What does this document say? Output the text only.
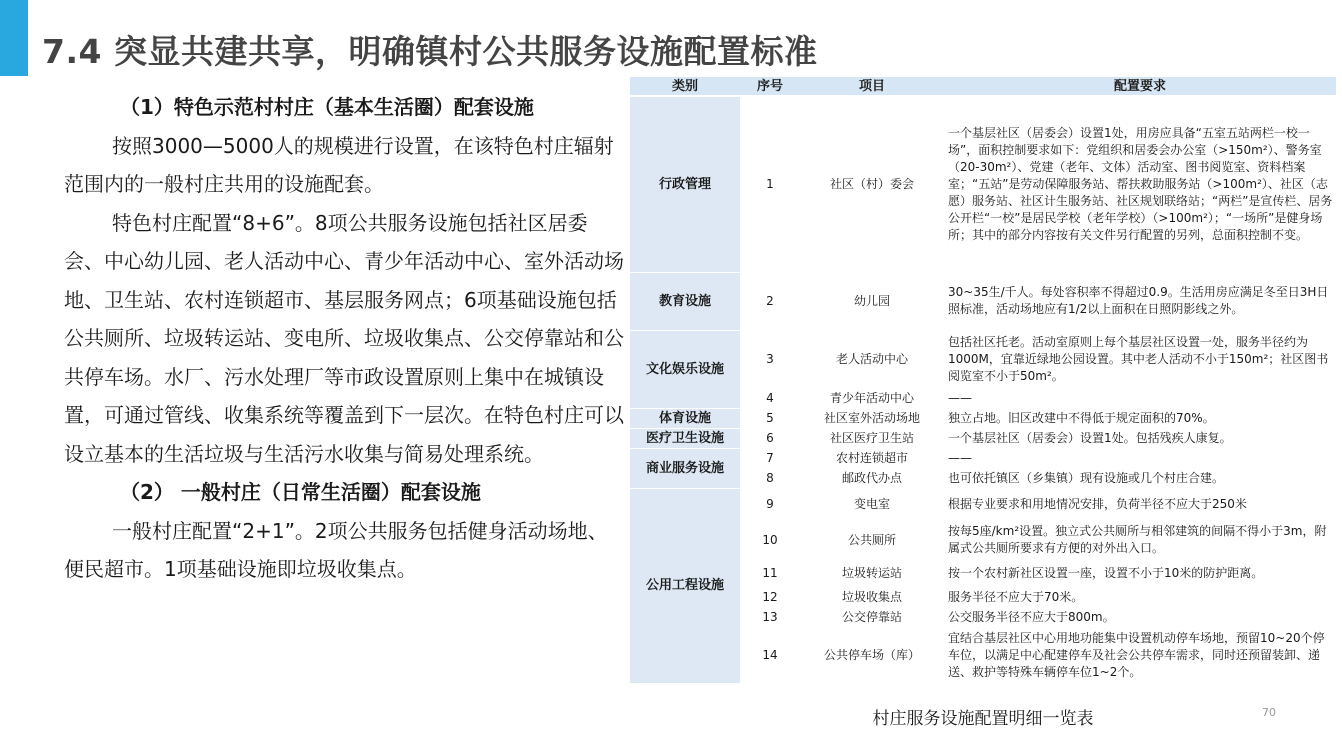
7.4 突显共建共享，明确镇村公共服务设施配置标准

（1）特色示范村村庄（基本生活圈）配套设施

按照3000—5000人的规模进行设置，在该特色村庄辐射范围内的一般村庄共用的设施配套。

特色村庄配置“8+6”。8项公共服务设施包括社区居委会、中心幼儿园、老人活动中心、青少年活动中心、室外活动场地、卫生站、农村连锁超市、基层服务网点；6项基础设施包括公共厕所、垃圾转运站、变电所、垃圾收集点、公交停靠站和公共停车场。水厂、污水处理厂等市政设置原则上集中在城镇设置，可通过管线、收集系统等覆盖到下一层次。在特色村庄可以设立基本的生活垃圾与生活污水收集与简易处理系统。

（2） 一般村庄（日常生活圈）配套设施

一般村庄配置“2+1”。2项公共服务包括健身活动场地、便民超市。1项基础设施即垃圾收集点。

类别	序号	项目	配置要求
行政管理	1	社区（村）委会	一个基层社区（居委会）设置1处，用房应具备“五室五站两栏一校一场”，面积控制要求如下：党组织和居委会办公室（>150m²）、警务室（20-30m²）、党建（老年、文体）活动室、图书阅览室、资料档案室；“五站”是劳动保障服务站、帮扶救助服务站（>100m²）、社区（志愿）服务站、社区计生服务站、社区规划联络站；“两栏”是宣传栏、居务公开栏“一校”是居民学校（老年学校）（>100m²）；“一场所”是健身场所；其中的部分内容按有关文件另行配置的另列，总面积控制不变。
教育设施	2	幼儿园	30~35生/千人。每处容积率不得超过0.9。生活用房应满足冬至日3H日照标准，活动场地应有1/2以上面积在日照阴影线之外。
文化娱乐设施	3	老人活动中心	包括社区托老。活动室原则上每个基层社区设置一处，服务半径约为1000M，宜靠近绿地公园设置。其中老人活动不小于150m²；社区图书阅览室不小于50m²。
	4	青少年活动中心	——
体育设施	5	社区室外活动场地	独立占地。旧区改建中不得低于规定面积的70%。
医疗卫生设施	6	社区医疗卫生站	一个基层社区（居委会）设置1处。包括残疾人康复。
商业服务设施	7	农村连锁超市	——
	8	邮政代办点	也可依托镇区（乡集镇）现有设施或几个村庄合建。
公用工程设施	9	变电室	根据专业要求和用地情况安排，负荷半径不应大于250米
	10	公共厕所	按每5座/km²设置。独立式公共厕所与相邻建筑的间隔不得小于3m，附属式公共厕所要求有方便的对外出入口。
	11	垃圾转运站	按一个农村新社区设置一座，设置不小于10米的防护距离。
	12	垃圾收集点	服务半径不应大于70米。
	13	公交停靠站	公交服务半径不应大于800m。
	14	公共停车场（库）	宜结合基层社区中心用地功能集中设置机动停车场地，预留10~20个停车位，以满足中心配建停车及社会公共停车需求，同时还预留装卸、递送、救护等特殊车辆停车位1~2个。
村庄服务设施配置明细一览表	70
